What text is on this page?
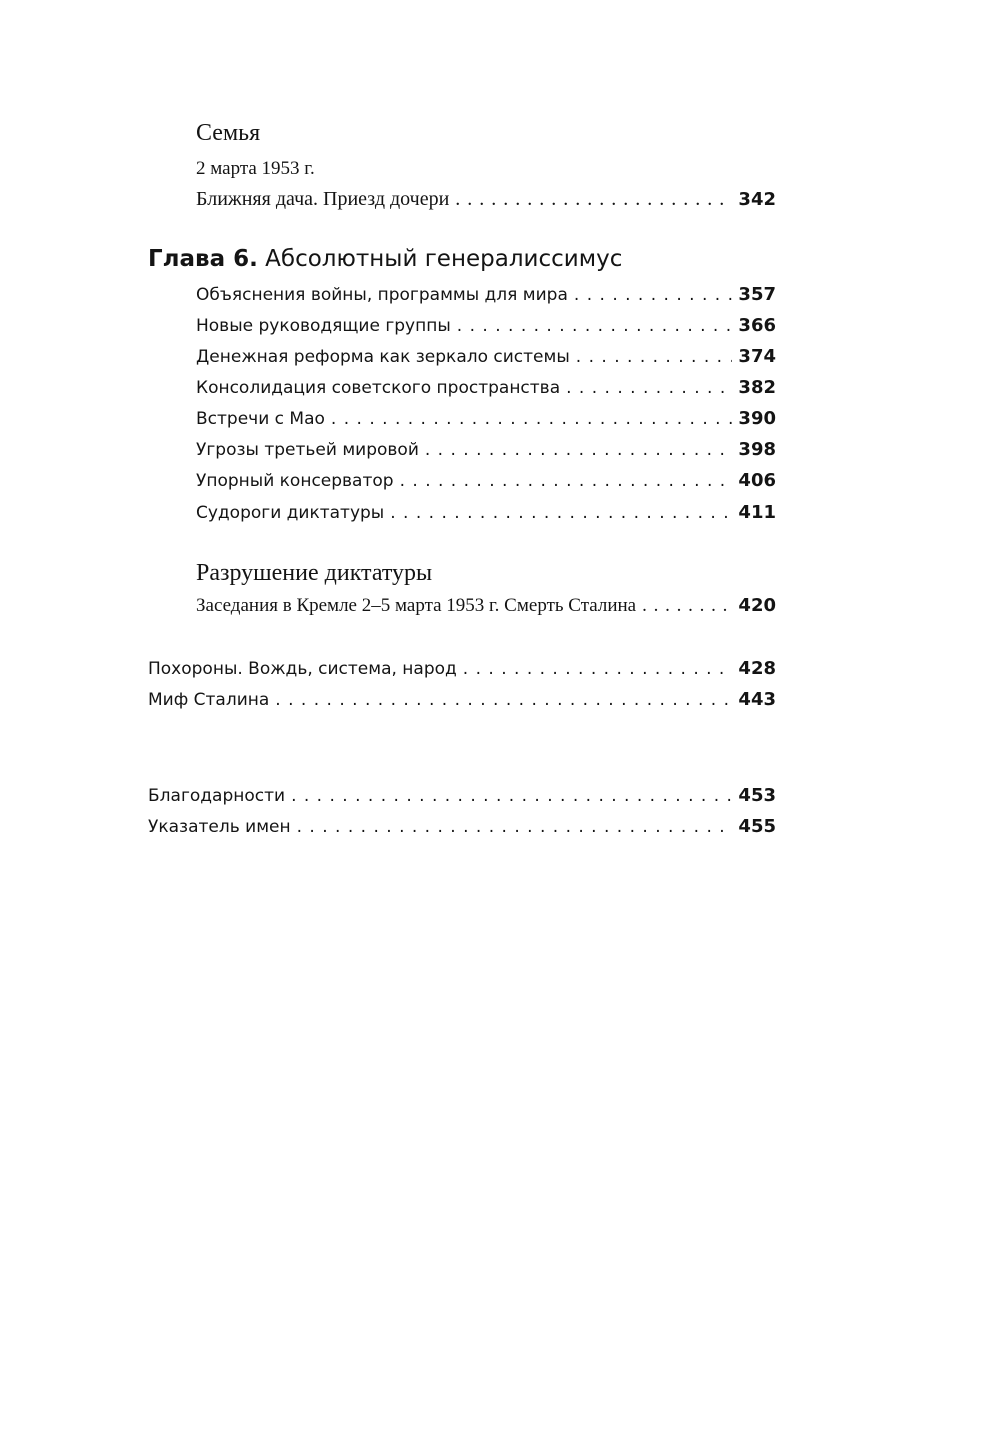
Семья
2 марта 1953 г.
Ближняя дача. Приезд дочери . . .	342
Глава 6. Абсолютный генералиссимус
Объяснения войны, программы для мира . . .	357
Новые руководящие группы . . .	366
Денежная реформа как зеркало системы . . .	374
Консолидация советского пространства . . .	382
Встречи с Мао . . .	390
Угрозы третьей мировой . . .	398
Упорный консерватор . . .	406
Судороги диктатуры . . .	411
Разрушение диктатуры
Заседания в Кремле 2–5 марта 1953 г. Смерть Сталина . . .	420
Похороны. Вождь, система, народ . . .	428
Миф Сталина . . .	443
Благодарности . . .	453
Указатель имен . . .	455
